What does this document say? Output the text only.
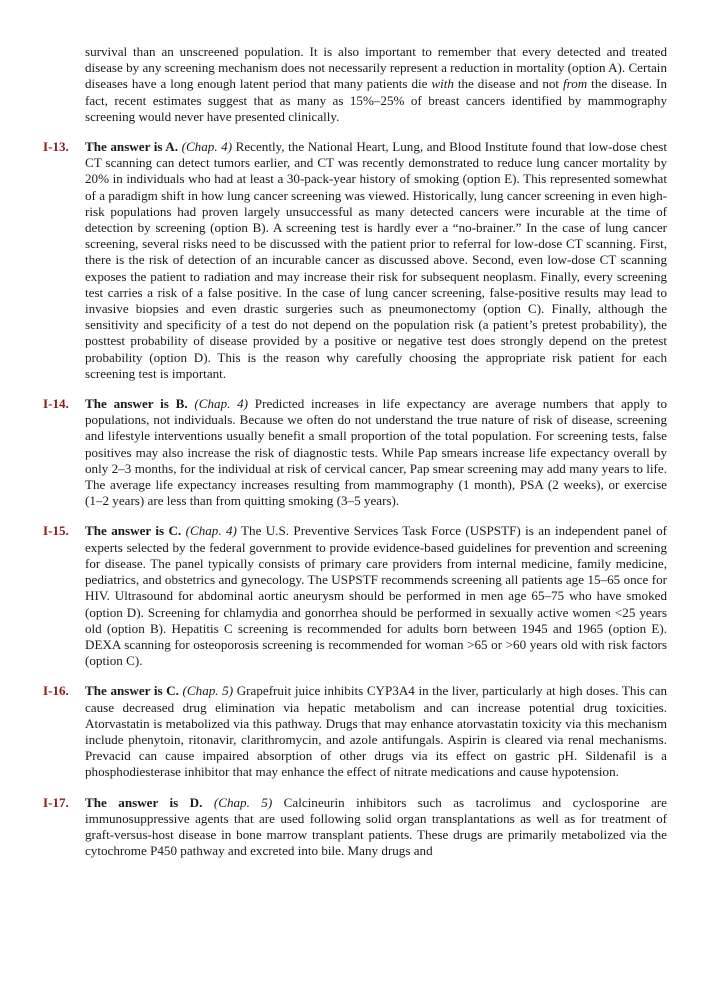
survival than an unscreened population. It is also important to remember that every detected and treated disease by any screening mechanism does not necessarily represent a reduction in mortality (option A). Certain diseases have a long enough latent period that many patients die with the disease and not from the disease. In fact, recent estimates suggest that as many as 15%–25% of breast cancers identified by mammography screening would never have presented clinically.

I-13. The answer is A. (Chap. 4) Recently, the National Heart, Lung, and Blood Institute found that low-dose chest CT scanning can detect tumors earlier, and CT was recently demonstrated to reduce lung cancer mortality by 20% in individuals who had at least a 30-pack-year history of smoking (option E). This represented somewhat of a paradigm shift in how lung cancer screening was viewed. Historically, lung cancer screening in even high-risk populations had proven largely unsuccessful as many detected cancers were incurable at the time of detection by screening (option B). A screening test is hardly ever a “no-brainer.” In the case of lung cancer screening, several risks need to be discussed with the patient prior to referral for low-dose CT scanning. First, there is the risk of detection of an incurable cancer as discussed above. Second, even low-dose CT scanning exposes the patient to radiation and may increase their risk for subsequent neoplasm. Finally, every screening test carries a risk of a false positive. In the case of lung cancer screening, false-positive results may lead to invasive biopsies and even drastic surgeries such as pneumonectomy (option C). Finally, although the sensitivity and specificity of a test do not depend on the population risk (a patient’s pretest probability), the posttest probability of disease provided by a positive or negative test does strongly depend on the pretest probability (option D). This is the reason why carefully choosing the appropriate risk patient for each screening test is important.

I-14. The answer is B. (Chap. 4) Predicted increases in life expectancy are average numbers that apply to populations, not individuals. Because we often do not understand the true nature of risk of disease, screening and lifestyle interventions usually benefit a small proportion of the total population. For screening tests, false positives may also increase the risk of diagnostic tests. While Pap smears increase life expectancy overall by only 2–3 months, for the individual at risk of cervical cancer, Pap smear screening may add many years to life. The average life expectancy increases resulting from mammography (1 month), PSA (2 weeks), or exercise (1–2 years) are less than from quitting smoking (3–5 years).

I-15. The answer is C. (Chap. 4) The U.S. Preventive Services Task Force (USPSTF) is an independent panel of experts selected by the federal government to provide evidence-based guidelines for prevention and screening for disease. The panel typically consists of primary care providers from internal medicine, family medicine, pediatrics, and obstetrics and gynecology. The USPSTF recommends screening all patients age 15–65 once for HIV. Ultrasound for abdominal aortic aneurysm should be performed in men age 65–75 who have smoked (option D). Screening for chlamydia and gonorrhea should be performed in sexually active women <25 years old (option B). Hepatitis C screening is recommended for adults born between 1945 and 1965 (option E). DEXA scanning for osteoporosis screening is recommended for woman >65 or >60 years old with risk factors (option C).

I-16. The answer is C. (Chap. 5) Grapefruit juice inhibits CYP3A4 in the liver, particularly at high doses. This can cause decreased drug elimination via hepatic metabolism and can increase potential drug toxicities. Atorvastatin is metabolized via this pathway. Drugs that may enhance atorvastatin toxicity via this mechanism include phenytoin, ritonavir, clarithromycin, and azole antifungals. Aspirin is cleared via renal mechanisms. Prevacid can cause impaired absorption of other drugs via its effect on gastric pH. Sildenafil is a phosphodiesterase inhibitor that may enhance the effect of nitrate medications and cause hypotension.

I-17. The answer is D. (Chap. 5) Calcineurin inhibitors such as tacrolimus and cyclosporine are immunosuppressive agents that are used following solid organ transplantations as well as for treatment of graft-versus-host disease in bone marrow transplant patients. These drugs are primarily metabolized via the cytochrome P450 pathway and excreted into bile. Many drugs and
